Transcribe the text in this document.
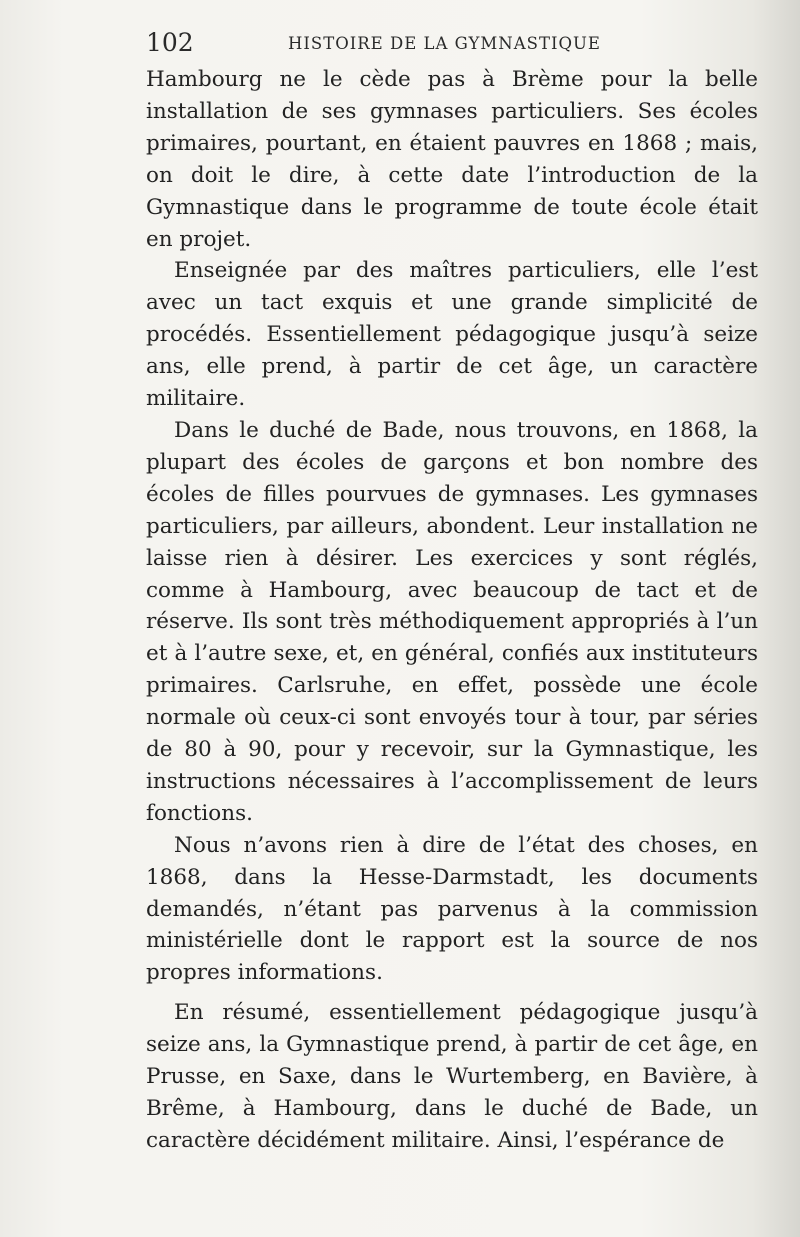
102	HISTOIRE DE LA GYMNASTIQUE

Hambourg ne le cède pas à Brème pour la belle installation de ses gymnases particuliers. Ses écoles primaires, pourtant, en étaient pauvres en 1868 ; mais, on doit le dire, à cette date l’introduction de la Gymnastique dans le programme de toute école était en projet.

Enseignée par des maîtres particuliers, elle l’est avec un tact exquis et une grande simplicité de procédés. Essentiellement pédagogique jusqu’à seize ans, elle prend, à partir de cet âge, un caractère militaire.

Dans le duché de Bade, nous trouvons, en 1868, la plupart des écoles de garçons et bon nombre des écoles de filles pourvues de gymnases. Les gymnases particuliers, par ailleurs, abondent. Leur installation ne laisse rien à désirer. Les exercices y sont réglés, comme à Hambourg, avec beaucoup de tact et de réserve. Ils sont très méthodiquement appropriés à l’un et à l’autre sexe, et, en général, confiés aux instituteurs primaires. Carlsruhe, en effet, possède une école normale où ceux-ci sont envoyés tour à tour, par séries de 80 à 90, pour y recevoir, sur la Gymnastique, les instructions nécessaires à l’accomplissement de leurs fonctions.

Nous n’avons rien à dire de l’état des choses, en 1868, dans la Hesse-Darmstadt, les documents demandés, n’étant pas parvenus à la commission ministérielle dont le rapport est la source de nos propres informations.

En résumé, essentiellement pédagogique jusqu’à seize ans, la Gymnastique prend, à partir de cet âge, en Prusse, en Saxe, dans le Wurtemberg, en Bavière, à Brême, à Hambourg, dans le duché de Bade, un caractère décidément militaire. Ainsi, l’espérance de
